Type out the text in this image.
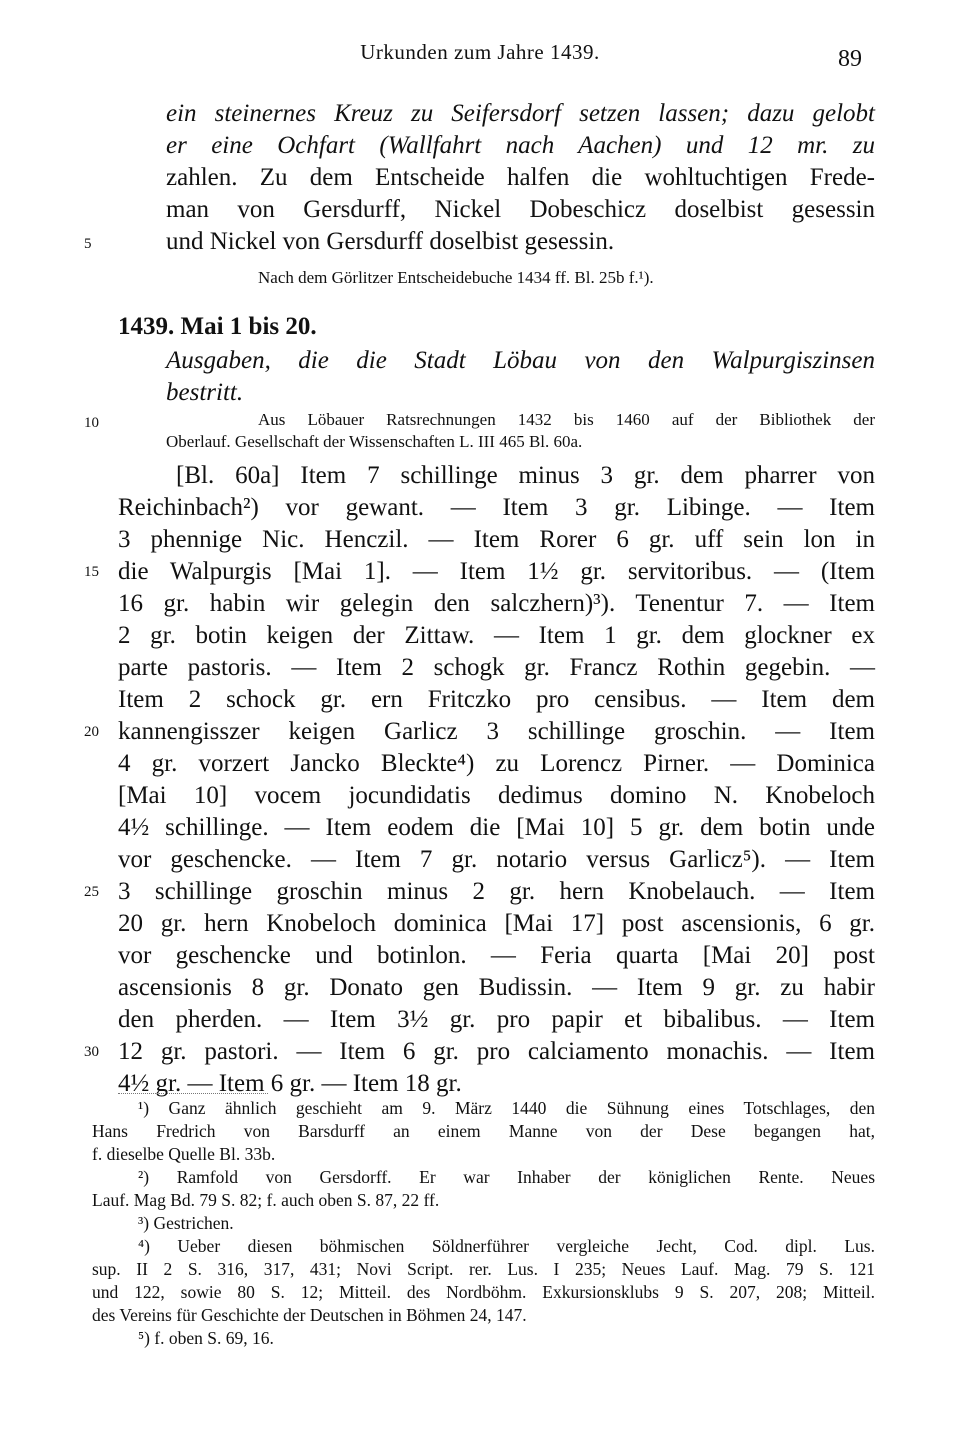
Urkunden zum Jahre 1439.	89
5
10
15
20
25
30
ein steinernes Kreuz zu Seifersdorf setzen lassen; dazu gelobt
er eine Ochfart (Wallfahrt nach Aachen) und 12 mr. zu
zahlen. Zu dem Entscheide halfen die wohltuchtigen Frede-
man von Gersdurff, Nickel Dobeschicz doselbist gesessin
und Nickel von Gersdurff doselbist gesessin.
Nach dem Görlitzer Entscheidebuche 1434 ff. Bl. 25b f.¹).
1439. Mai 1 bis 20.
Ausgaben, die die Stadt Löbau von den Walpurgiszinsen
bestritt.
Aus Löbauer Ratsrechnungen 1432 bis 1460 auf der Bibliothek der
Oberlauf. Gesellschaft der Wissenschaften L. III 465 Bl. 60a.
[Bl. 60a] Item 7 schillinge minus 3 gr. dem pharrer von
Reichinbach²) vor gewant. — Item 3 gr. Libinge. — Item
3 phennige Nic. Henczil. — Item Rorer 6 gr. uff sein lon in
die Walpurgis [Mai 1]. — Item 1½ gr. servitoribus. — (Item
16 gr. habin wir gelegin den salczhern)³). Tenentur 7. — Item
2 gr. botin keigen der Zittaw. — Item 1 gr. dem glockner ex
parte pastoris. — Item 2 schogk gr. Francz Rothin gegebin. —
Item 2 schock gr. ern Fritczko pro censibus. — Item dem
kannengisszer keigen Garlicz 3 schillinge groschin. — Item
4 gr. vorzert Jancko Bleckte⁴) zu Lorencz Pirner. — Dominica
[Mai 10] vocem jocundidatis dedimus domino N. Knobeloch
4½ schillinge. — Item eodem die [Mai 10] 5 gr. dem botin unde
vor geschencke. — Item 7 gr. notario versus Garlicz⁵). — Item
3 schillinge groschin minus 2 gr. hern Knobelauch. — Item
20 gr. hern Knobeloch dominica [Mai 17] post ascensionis, 6 gr.
vor geschencke und botinlon. — Feria quarta [Mai 20] post
ascensionis 8 gr. Donato gen Budissin. — Item 9 gr. zu habir
den pherden. — Item 3½ gr. pro papir et bibalibus. — Item
12 gr. pastori. — Item 6 gr. pro calciamento monachis. — Item
4½ gr. — Item 6 gr. — Item 18 gr.
¹) Ganz ähnlich geschieht am 9. März 1440 die Sühnung eines Totschlages, den
Hans Fredrich von Barsdurff an einem Manne von der Dese begangen hat,
f. dieselbe Quelle Bl. 33b.
²) Ramfold von Gersdorff. Er war Inhaber der königlichen Rente. Neues
Lauf. Mag Bd. 79 S. 82; f. auch oben S. 87, 22 ff.
³) Gestrichen.
⁴) Ueber diesen böhmischen Söldnerführer vergleiche Jecht, Cod. dipl. Lus.
sup. II 2 S. 316, 317, 431; Novi Script. rer. Lus. I 235; Neues Lauf. Mag. 79 S. 121
und 122, sowie 80 S. 12; Mitteil. des Nordböhm. Exkursionsklubs 9 S. 207, 208; Mitteil.
des Vereins für Geschichte der Deutschen in Böhmen 24, 147.
⁵) f. oben S. 69, 16.
